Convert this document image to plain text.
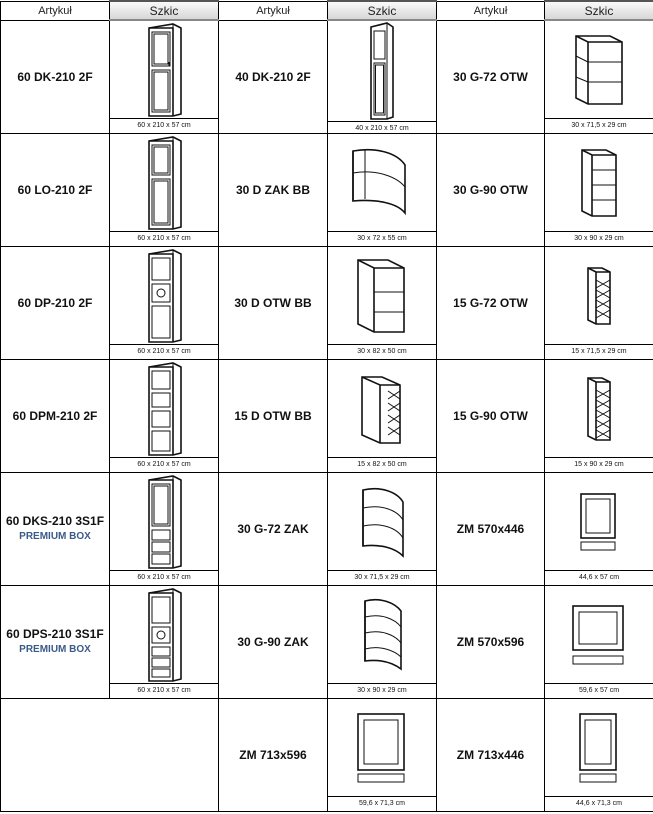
Artykuł	Szkic	Artykuł	Szkic	Artykuł	Szkic
60 DK-210 2F	60 x 210 x 57 cm	40 DK-210 2F	40 x 210 x 57 cm	30 G-72 OTW	30 x 71,5 x 29 cm

60 LO-210 2F	60 x 210 x 57 cm	30 D ZAK BB	30 x 72 x 55 cm	30 G-90 OTW	30 x 90 x 29 cm

60 DP-210 2F	60 x 210 x 57 cm	30 D OTW BB	30 x 82 x 50 cm	15 G-72 OTW	15 x 71,5 x 29 cm

60 DPM-210 2F	60 x 210 x 57 cm	15 D OTW BB	15 x 82 x 50 cm	15 G-90 OTW	15 x 90 x 29 cm

60 DKS-210 3S1F
PREMIUM BOX	60 x 210 x 57 cm	30 G-72 ZAK	30 x 71,5 x 29 cm	ZM 570x446	44,6 x 57 cm

60 DPS-210 3S1F
PREMIUM BOX	60 x 210 x 57 cm	30 G-90 ZAK	30 x 90 x 29 cm	ZM 570x596	59,6 x 57 cm

		ZM 713x596	59,6 x 71,3 cm	ZM 713x446	44,6 x 71,3 cm
